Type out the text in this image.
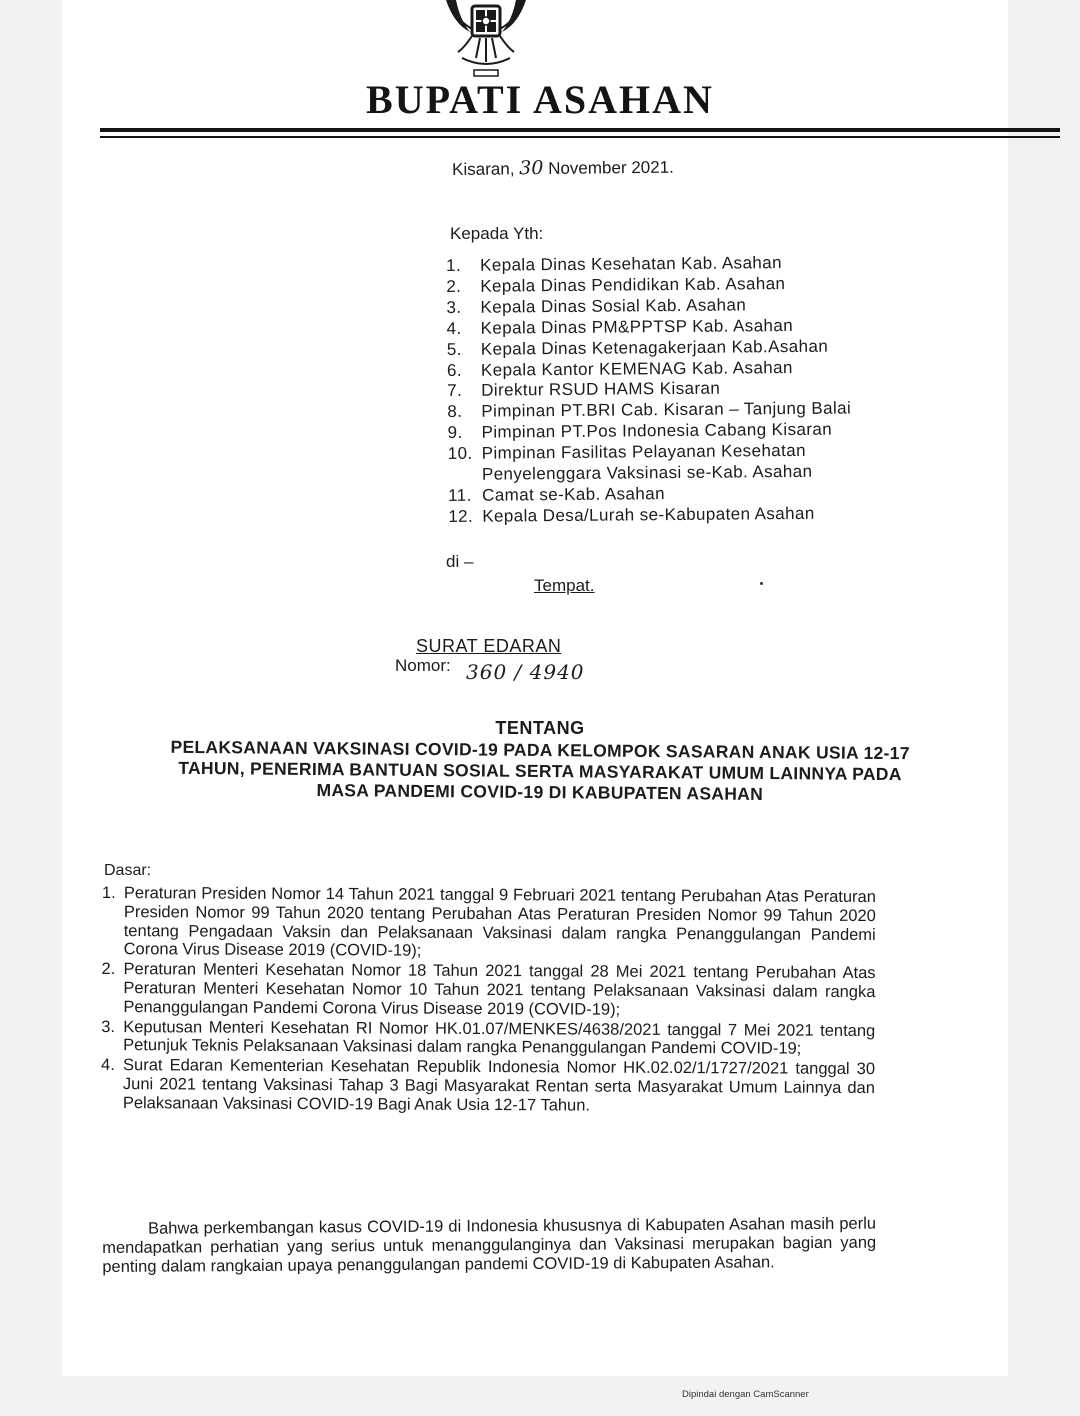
BUPATI ASAHAN
Kisaran, 30 November 2021.
Kepada Yth:
1.	Kepala Dinas Kesehatan Kab. Asahan
2.	Kepala Dinas Pendidikan Kab. Asahan
3.	Kepala Dinas Sosial Kab. Asahan
4.	Kepala Dinas PM&PPTSP Kab. Asahan
5.	Kepala Dinas Ketenagakerjaan Kab.Asahan
6.	Kepala Kantor KEMENAG Kab. Asahan
7.	Direktur RSUD HAMS Kisaran
8.	Pimpinan PT.BRI Cab. Kisaran – Tanjung Balai
9.	Pimpinan PT.Pos Indonesia Cabang Kisaran
10. Pimpinan Fasilitas Pelayanan Kesehatan
Penyelenggara Vaksinasi se-Kab. Asahan
11. Camat se-Kab. Asahan
12. Kepala Desa/Lurah se-Kabupaten Asahan
di –
Tempat.
SURAT EDARAN
Nomor: 360 / 4940
TENTANG
PELAKSANAAN VAKSINASI COVID-19 PADA KELOMPOK SASARAN ANAK USIA 12-17
TAHUN, PENERIMA BANTUAN SOSIAL SERTA MASYARAKAT UMUM LAINNYA PADA
MASA PANDEMI COVID-19 DI KABUPATEN ASAHAN
Dasar:
1. Peraturan Presiden Nomor 14 Tahun 2021 tanggal 9 Februari 2021 tentang Perubahan Atas Peraturan Presiden Nomor 99 Tahun 2020 tentang Perubahan Atas Peraturan Presiden Nomor 99 Tahun 2020 tentang Pengadaan Vaksin dan Pelaksanaan Vaksinasi dalam rangka Penanggulangan Pandemi Corona Virus Disease 2019 (COVID-19);
2. Peraturan Menteri Kesehatan Nomor 18 Tahun 2021 tanggal 28 Mei 2021 tentang Perubahan Atas Peraturan Menteri Kesehatan Nomor 10 Tahun 2021 tentang Pelaksanaan Vaksinasi dalam rangka Penanggulangan Pandemi Corona Virus Disease 2019 (COVID-19);
3. Keputusan Menteri Kesehatan RI Nomor HK.01.07/MENKES/4638/2021 tanggal 7 Mei 2021 tentang Petunjuk Teknis Pelaksanaan Vaksinasi dalam rangka Penanggulangan Pandemi COVID-19;
4. Surat Edaran Kementerian Kesehatan Republik Indonesia Nomor HK.02.02/1/1727/2021 tanggal 30 Juni 2021 tentang Vaksinasi Tahap 3 Bagi Masyarakat Rentan serta Masyarakat Umum Lainnya dan Pelaksanaan Vaksinasi COVID-19 Bagi Anak Usia 12-17 Tahun.
Bahwa perkembangan kasus COVID-19 di Indonesia khususnya di Kabupaten Asahan masih perlu mendapatkan perhatian yang serius untuk menanggulanginya dan Vaksinasi merupakan bagian yang penting dalam rangkaian upaya penanggulangan pandemi COVID-19 di Kabupaten Asahan.
Dipindai dengan CamScanner
